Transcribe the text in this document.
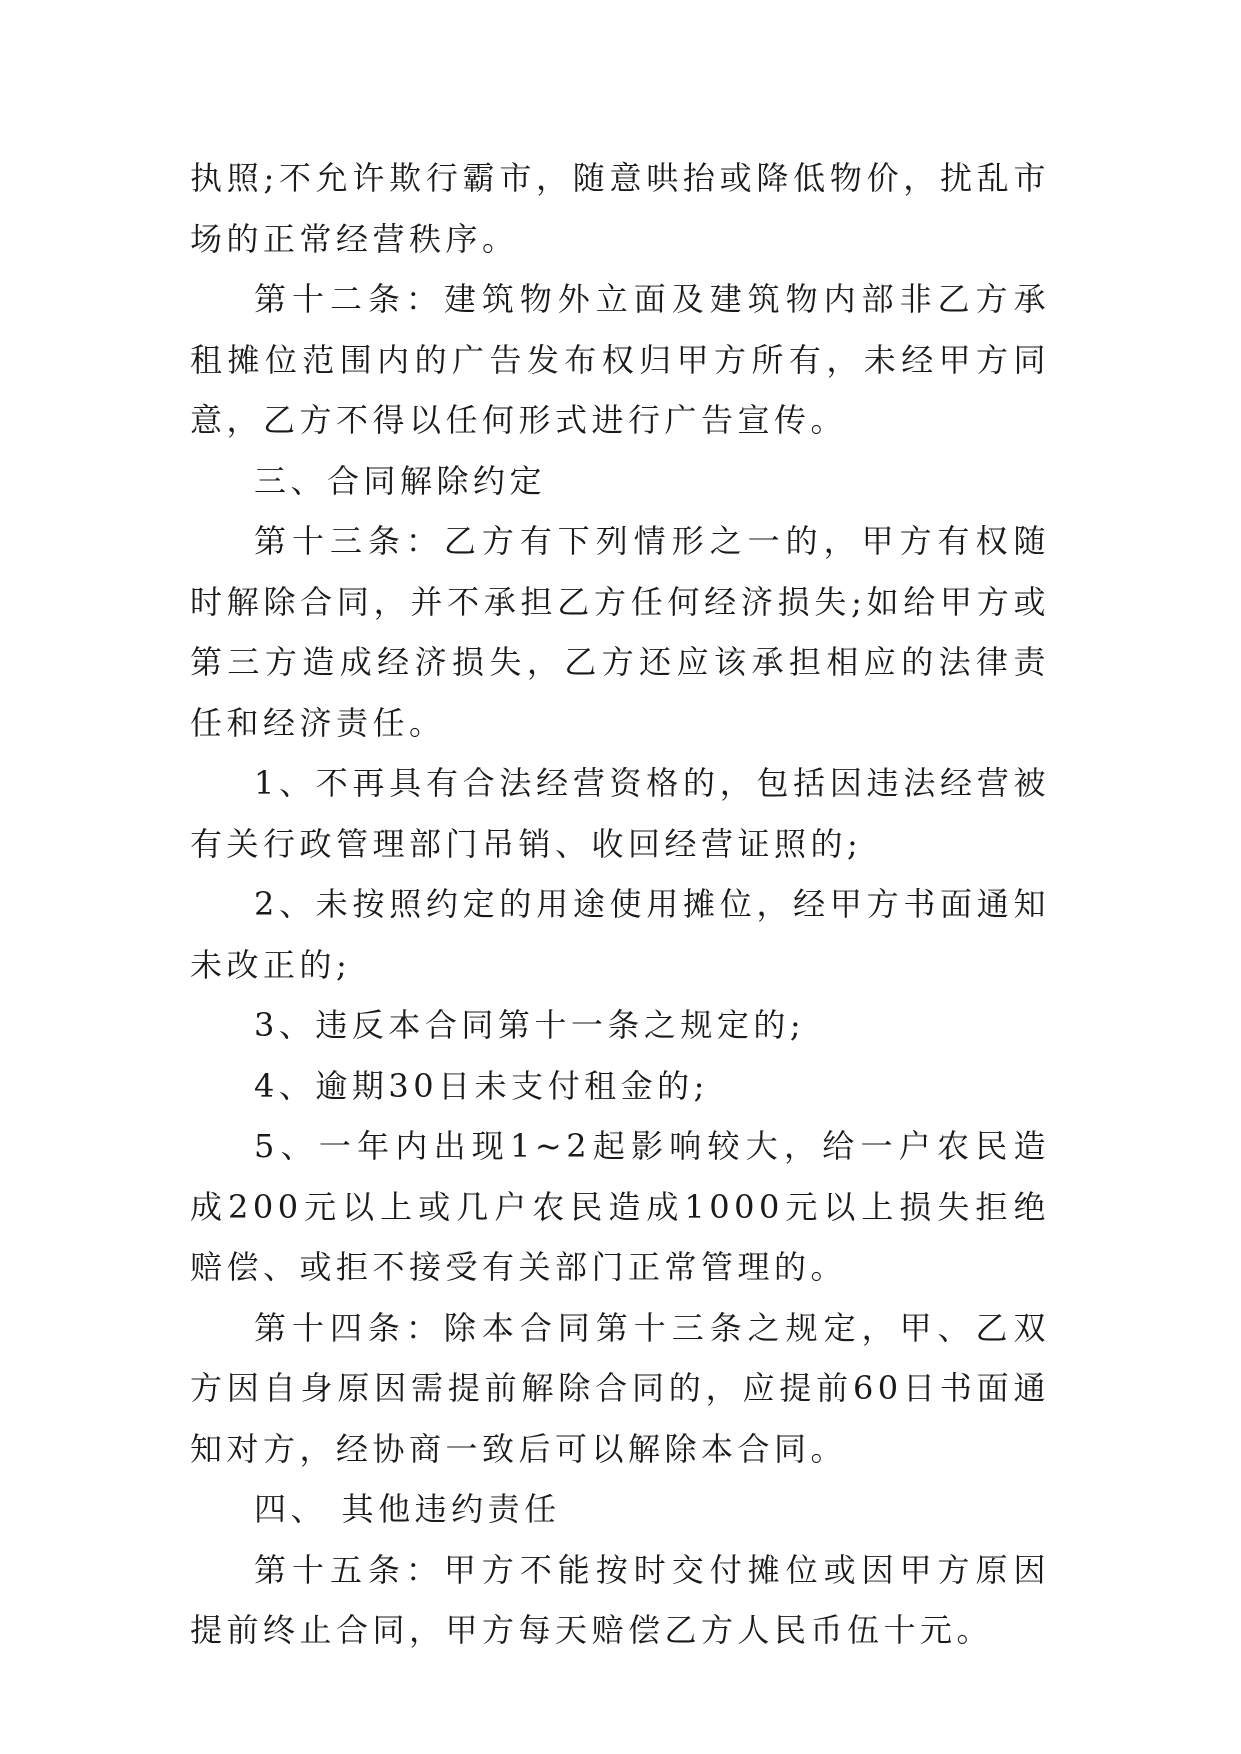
执照;不允许欺行霸市，随意哄抬或降低物价，扰乱市场的正常经营秩序。

第十二条：建筑物外立面及建筑物内部非乙方承租摊位范围内的广告发布权归甲方所有，未经甲方同意，乙方不得以任何形式进行广告宣传。

三、合同解除约定

第十三条：乙方有下列情形之一的，甲方有权随时解除合同，并不承担乙方任何经济损失;如给甲方或第三方造成经济损失，乙方还应该承担相应的法律责任和经济责任。

1、不再具有合法经营资格的，包括因违法经营被有关行政管理部门吊销、收回经营证照的;

2、未按照约定的用途使用摊位，经甲方书面通知未改正的;

3、违反本合同第十一条之规定的;

4、逾期30日未支付租金的;

5、一年内出现1~2起影响较大，给一户农民造成200元以上或几户农民造成1000元以上损失拒绝赔偿、或拒不接受有关部门正常管理的。

第十四条：除本合同第十三条之规定，甲、乙双方因自身原因需提前解除合同的，应提前60日书面通知对方，经协商一致后可以解除本合同。

四、 其他违约责任

第十五条：甲方不能按时交付摊位或因甲方原因提前终止合同，甲方每天赔偿乙方人民币伍十元。
